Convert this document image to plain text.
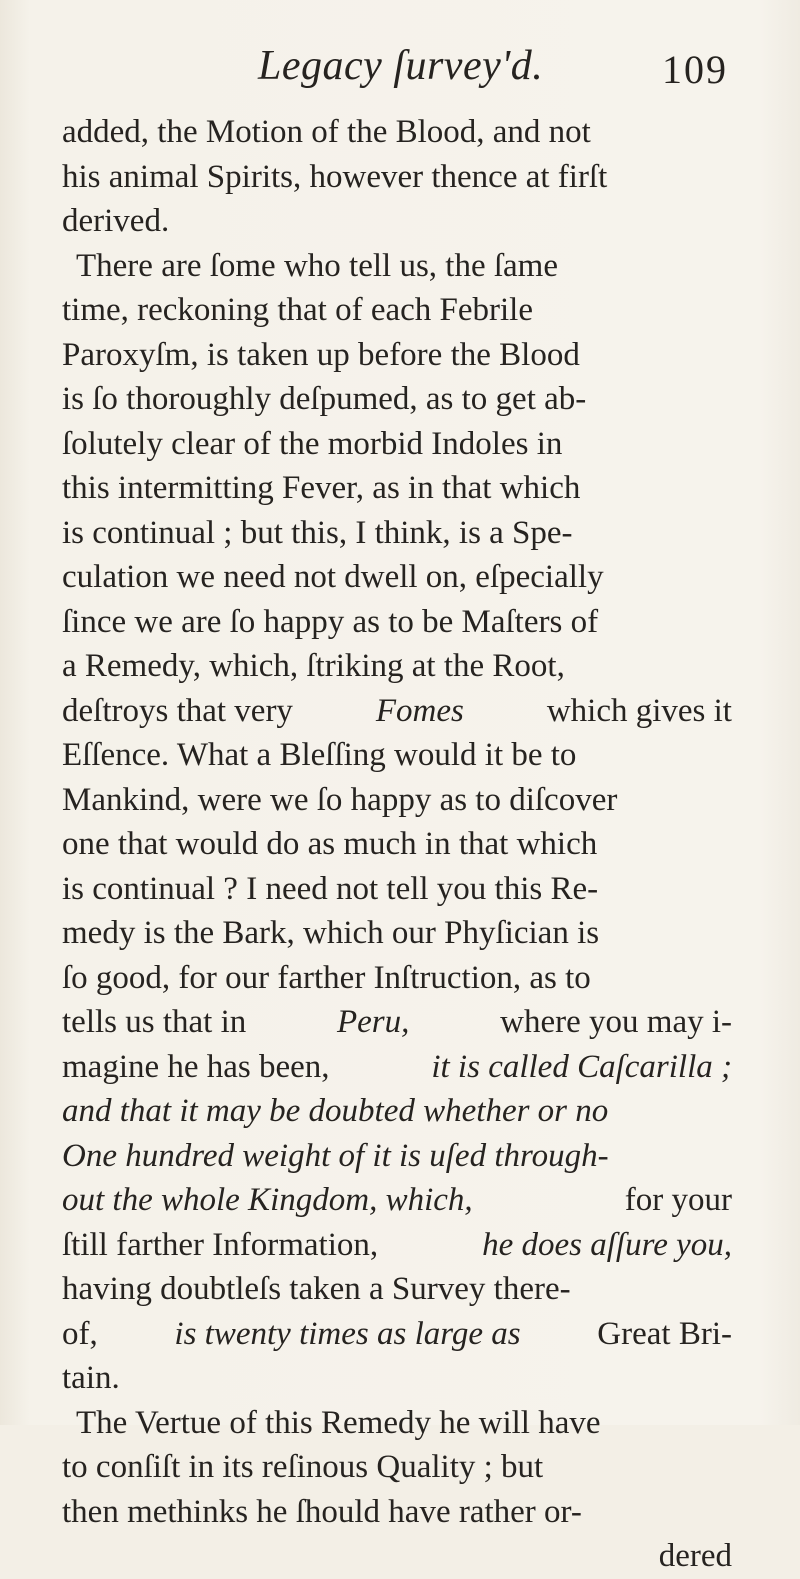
Legacy ſurvey'd.	109
added, the Motion of the Blood, and not
his animal Spirits, however thence at firſt
derived.
There are ſome who tell us, the ſame
time, reckoning that of each Febrile
Paroxyſm, is taken up before the Blood
is ſo thoroughly deſpumed, as to get ab-
ſolutely clear of the morbid Indoles in
this intermitting Fever, as in that which
is continual ; but this, I think, is a Spe-
culation we need not dwell on, eſpecially
ſince we are ſo happy as to be Maſters of
a Remedy, which, ſtriking at the Root,
deſtroys that very	Fomes	which gives it
Eſſence. What a Bleſſing would it be to
Mankind, were we ſo happy as to diſcover
one that would do as much in that which
is continual ? I need not tell you this Re-
medy is the Bark, which our Phyſician is
ſo good, for our farther Inſtruction, as to
tells us that in	Peru,	where you may i-
magine he has been,	it is called Caſcarilla ;
and that it may be doubted whether or no
One hundred weight of it is uſed through-
out the whole Kingdom, which,	for your
ſtill farther Information,	he does aſſure you,
having doubtleſs taken a Survey there-
of, is twenty times as large as Great Bri-
tain.
The Vertue of this Remedy he will have
to conſiſt in its reſinous Quality ; but
then methinks he ſhould have rather or-
dered
